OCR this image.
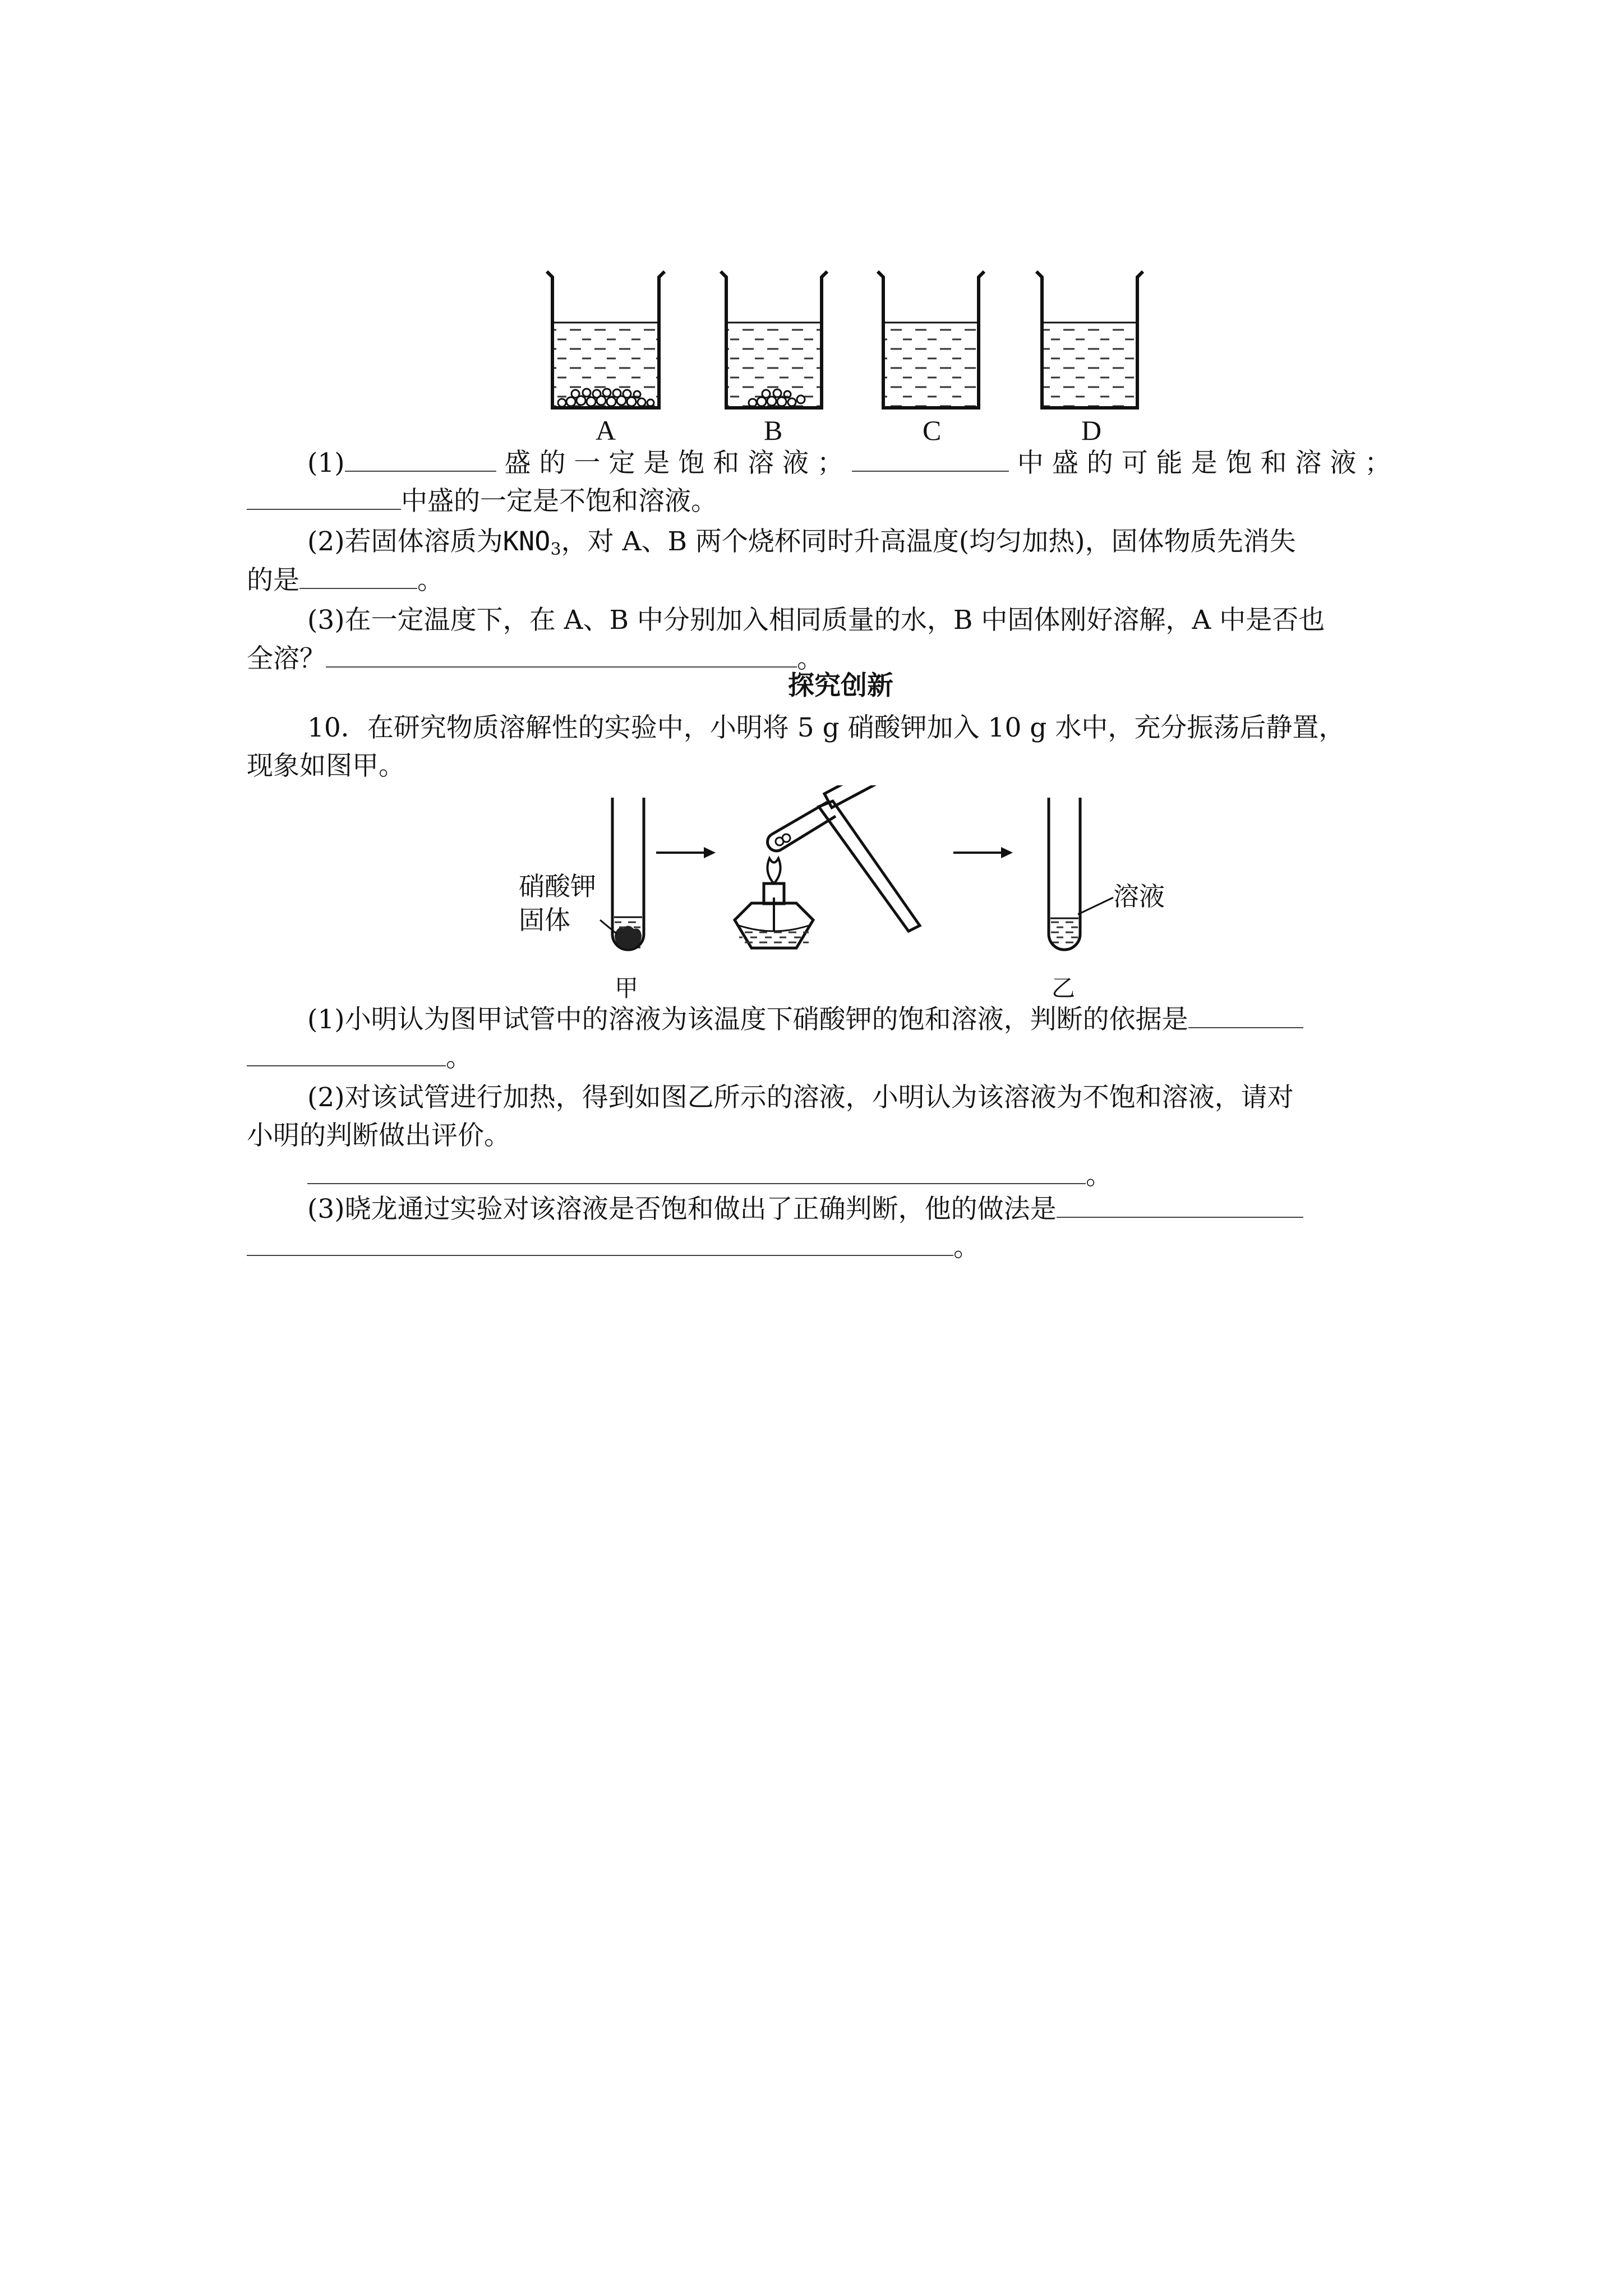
A	B	C	D
(1)	盛 的 一 定 是 饱 和 溶 液 ；	中 盛 的 可 能 是 饱 和 溶 液 ；
中盛的一定是不饱和溶液。
(2)若固体溶质为$KNO_3$，对 A、B 两个烧杯同时升高温度(均匀加热)，固体物质先消失
的是	。
(3)在一定温度下，在 A、B 中分别加入相同质量的水，B 中固体刚好溶解，A 中是否也
全溶？	。
探究创新
10．在研究物质溶解性的实验中，小明将 5 g 硝酸钾加入 10 g 水中，充分振荡后静置，
现象如图甲。
硝酸钾
固体
溶液
甲	乙
(1)小明认为图甲试管中的溶液为该温度下硝酸钾的饱和溶液，判断的依据是
。
(2)对该试管进行加热，得到如图乙所示的溶液，小明认为该溶液为不饱和溶液，请对
小明的判断做出评价。
。
(3)晓龙通过实验对该溶液是否饱和做出了正确判断，他的做法是
。
